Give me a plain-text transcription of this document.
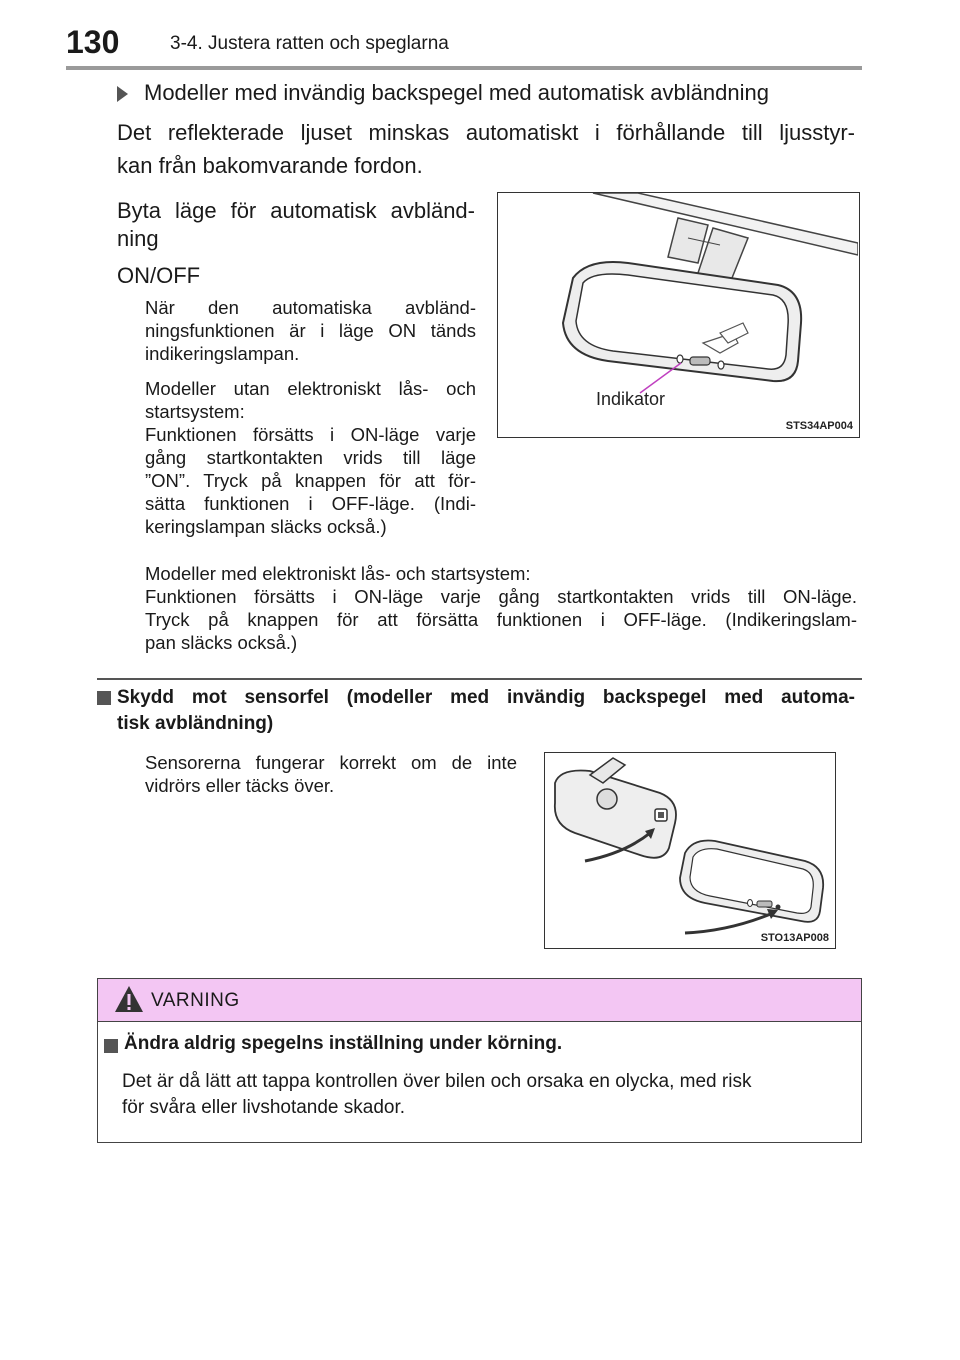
130	3-4. Justera ratten och speglarna
Modeller med invändig backspegel med automatisk avbländning
Det reflekterade ljuset minskas automatiskt i förhållande till ljusstyr-
kan från bakomvarande fordon.
Byta läge för automatisk avbländ-
ning
ON/OFF
När den automatiska avbländ-
ningsfunktionen är i läge ON tänds
indikeringslampan.
Modeller utan elektroniskt lås- och
startsystem:
Funktionen försätts i ON-läge varje
gång startkontakten vrids till läge
”ON”. Tryck på knappen för att för-
sätta funktionen i OFF-läge. (Indi-
keringslampan släcks också.)
Modeller med elektroniskt lås- och startsystem:
Funktionen försätts i ON-läge varje gång startkontakten vrids till ON-läge.
Tryck på knappen för att försätta funktionen i OFF-läge. (Indikeringslam-
pan släcks också.)
Indikator
STS34AP004
Skydd mot sensorfel (modeller med invändig backspegel med automa-
tisk avbländning)
Sensorerna fungerar korrekt om de inte
vidrörs eller täcks över.
STO13AP008
VARNING
Ändra aldrig spegelns inställning under körning.
Det är då lätt att tappa kontrollen över bilen och orsaka en olycka, med risk
för svåra eller livshotande skador.
